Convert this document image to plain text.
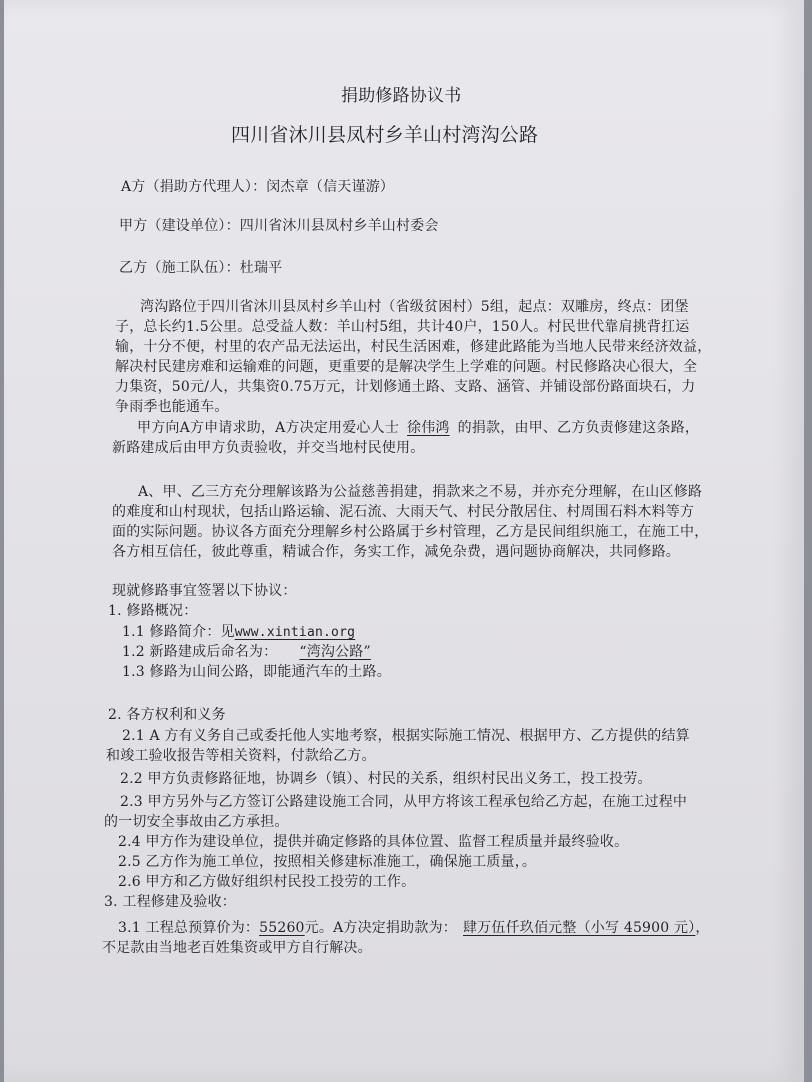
捐助修路协议书
四川省沐川县凤村乡羊山村湾沟公路
A方（捐助方代理人）：闵杰章（信天谨游）
甲方（建设单位）：四川省沐川县凤村乡羊山村委会
乙方（施工队伍）：杜瑞平
湾沟路位于四川省沐川县凤村乡羊山村（省级贫困村）5组，起点：双雕房，终点：团堡
子，总长约1.5公里。总受益人数：羊山村5组，共计40户，150人。村民世代靠肩挑背扛运
输，十分不便，村里的农产品无法运出，村民生活困难，修建此路能为当地人民带来经济效益，
解决村民建房难和运输难的问题，更重要的是解决学生上学难的问题。村民修路决心很大，全
力集资，50元/人，共集资0.75万元，计划修通土路、支路、涵管、并铺设部份路面块石，力
争雨季也能通车。
甲方向A方申请求助，A方决定用爱心人士 徐伟鸿 的捐款，由甲、乙方负责修建这条路，
新路建成后由甲方负责验收，并交当地村民使用。
A、甲、乙三方充分理解该路为公益慈善捐建，捐款来之不易，并亦充分理解，在山区修路
的难度和山村现状，包括山路运输、泥石流、大雨天气、村民分散居住、村周围石料木料等方
面的实际问题。协议各方面充分理解乡村公路属于乡村管理，乙方是民间组织施工，在施工中，
各方相互信任，彼此尊重，精诚合作，务实工作，减免杂费，遇问题协商解决，共同修路。
现就修路事宜签署以下协议：
1. 修路概况：
1.1 修路简介：见www.xintian.org
1.2 新路建成后命名为： “湾沟公路”
1.3 修路为山间公路，即能通汽车的土路。
2. 各方权利和义务
2.1 A 方有义务自己或委托他人实地考察，根据实际施工情况、根据甲方、乙方提供的结算
和竣工验收报告等相关资料，付款给乙方。
2.2 甲方负责修路征地，协调乡（镇）、村民的关系，组织村民出义务工，投工投劳。
2.3 甲方另外与乙方签订公路建设施工合同，从甲方将该工程承包给乙方起，在施工过程中
的一切安全事故由乙方承担。
2.4 甲方作为建设单位，提供并确定修路的具体位置、监督工程质量并最终验收。
2.5 乙方作为施工单位，按照相关修建标准施工，确保施工质量，。
2.6 甲方和乙方做好组织村民投工投劳的工作。
3. 工程修建及验收：
3.1 工程总预算价为：55260元。A方决定捐助款为： 肆万伍仟玖佰元整（小写 45900 元），
不足款由当地老百姓集资或甲方自行解决。
